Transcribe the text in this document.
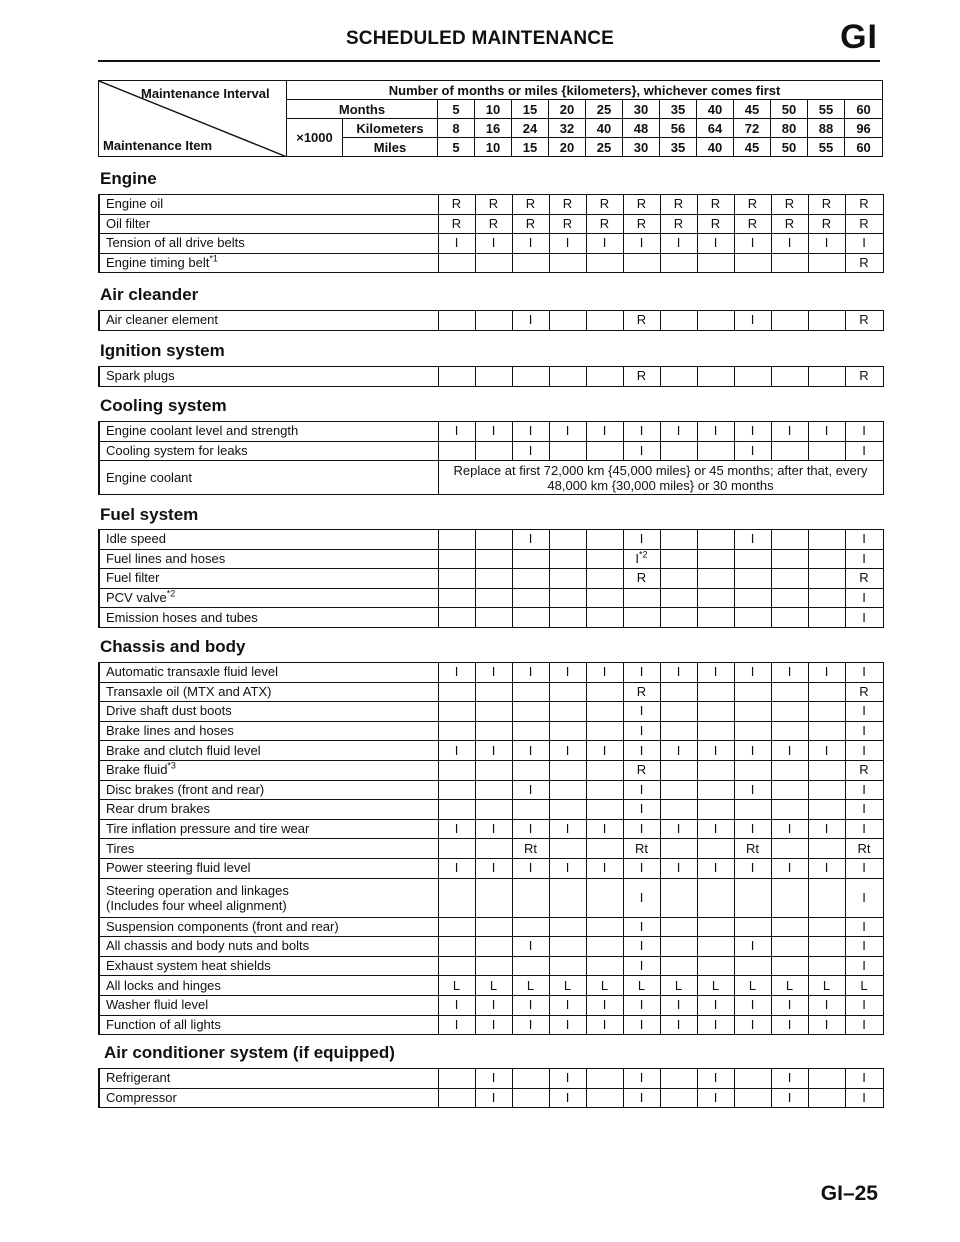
SCHEDULED MAINTENANCE	GI
Maintenance Interval
Maintenance Item	Number of months or miles {kilometers}, whichever comes first													
	Months		5	10	15	20	25	30	35	40	45	50	55	60
	×1000	Kilometers	8	16	24	32	40	48	56	64	72	80	88	96
		Miles	5	10	15	20	25	30	35	40	45	50	55	60
Engine
Engine oil	R	R	R	R	R	R	R	R	R	R	R	R
Oil filter	R	R	R	R	R	R	R	R	R	R	R	R
Tension of all drive belts	I	I	I	I	I	I	I	I	I	I	I	I
Engine timing belt$^{*1}$												R
Air cleander
Air cleaner element			I			R			I			R
Ignition system
Spark plugs						R						R
Cooling system
Engine coolant level and strength	I	I	I	I	I	I	I	I	I	I	I	I
Cooling system for leaks			I			I			I			I
Engine coolant	Replace at first 72,000 km {45,000 miles} or 45 months; after that, every 48,000 km {30,000 miles} or 30 months											
Fuel system
Idle speed			I			I			I			I
Fuel lines and hoses						$I^{*2}$						I
Fuel filter						R						R
PCV valve$^{*2}$												I
Emission hoses and tubes												I
Chassis and body
Automatic transaxle fluid level	I	I	I	I	I	I	I	I	I	I	I	I
Transaxle oil (MTX and ATX)						R						R
Drive shaft dust boots						I						I
Brake lines and hoses						I						I
Brake and clutch fluid level	I	I	I	I	I	I	I	I	I	I	I	I
Brake fluid$^{*3}$						R						R
Disc brakes (front and rear)			I			I			I			I
Rear drum brakes						I						I
Tire inflation pressure and tire wear	I	I	I	I	I	I	I	I	I	I	I	I
Tires			Rt			Rt			Rt			Rt
Power steering fluid level	I	I	I	I	I	I	I	I	I	I	I	I
Steering operation and linkages
(Includes four wheel alignment)						I						I
Suspension components (front and rear)						I						I
All chassis and body nuts and bolts			I			I			I			I
Exhaust system heat shields						I						I
All locks and hinges	L	L	L	L	L	L	L	L	L	L	L	L
Washer fluid level	I	I	I	I	I	I	I	I	I	I	I	I
Function of all lights	I	I	I	I	I	I	I	I	I	I	I	I
Air conditioner system (if equipped)
Refrigerant		I		I		I		I		I		I
Compressor		I		I		I		I		I		I
GI–25
